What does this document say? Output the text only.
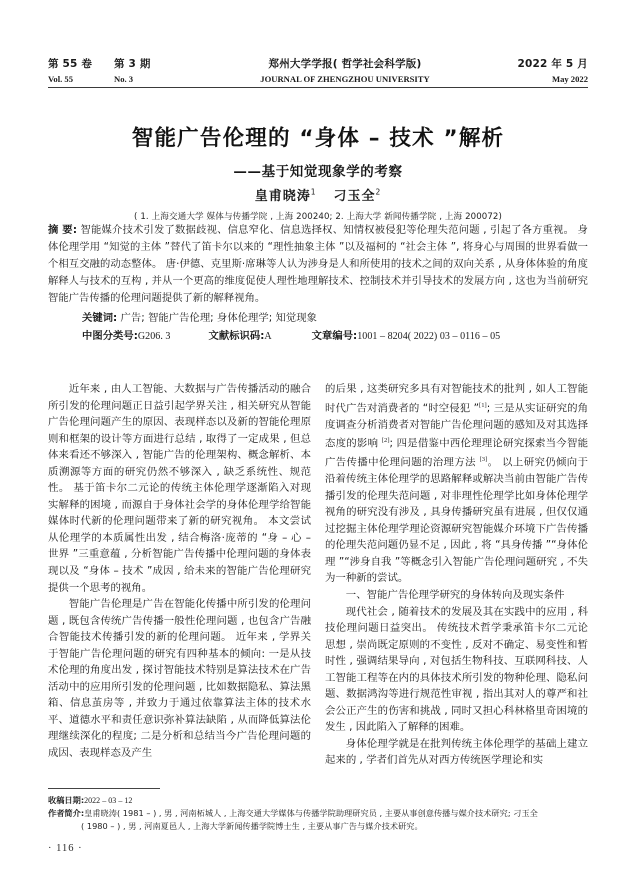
第 55 卷	第 3 期	郑州大学学报( 哲学社会科学版)	2022 年 5 月
Vol. 55	No. 3	JOURNAL OF ZHENGZHOU UNIVERSITY	May 2022
智能广告伦理的 “身体 – 技术 ”解析
——基于知觉现象学的考察
皇甫晓涛$^1$ 刁玉全$^2$
( 1. 上海交通大学 媒体与传播学院 , 上海 200240; 2. 上海大学 新闻传播学院 , 上海 200072)
摘 要: 智能媒介技术引发了数据歧视、信息窄化、信息选择权、知情权被侵犯等伦理失范问题 , 引起了各方重视。 身体伦理学用 “知觉的主体 ”替代了笛卡尔以来的 “理性抽象主体 ”以及福柯的 “社会主体 ”, 将身心与周围的世界看做一个相互交融的动态整体。 唐·伊德、克里斯·席琳等人认为涉身是人和所使用的技术之间的双向关系 , 从身体体验的角度解释人与技术的互构 , 并从一个更高的维度促使人理性地理解技术、控制技术并引导技术的发展方向 , 这也为当前研究智能广告传播的伦理问题提供了新的解释视角。
关键词: 广告; 智能广告伦理; 身体伦理学; 知觉现象
中图分类号:G206. 3	文献标识码:A	文章编号:1001 – 8204( 2022) 03 – 0116 – 05

近年来 , 由人工智能、大数据与广告传播活动的融合所引发的伦理问题正日益引起学界关注 , 相关研究从智能广告伦理问题产生的原因、表现样态以及新的智能伦理原则和框架的设计等方面进行总结 , 取得了一定成果 , 但总体来看还不够深入 , 智能广告的伦理架构、概念解析、本质溯源等方面的研究仍然不够深入 , 缺乏系统性、规范性。 基于笛卡尔二元论的传统主体伦理学逐渐陷入对现实解释的困境 , 而源自于身体社会学的身体伦理学给智能媒体时代新的伦理问题带来了新的研究视角。 本文尝试从伦理学的本质属性出发 , 结合梅洛·庞蒂的 “身 – 心 – 世界 ”三重意蕴 , 分析智能广告传播中伦理问题的身体表现以及 “身体 – 技术 ”成因 , 给未来的智能广告伦理研究提供一个思考的视角。

智能广告伦理是广告在智能化传播中所引发的伦理问题 , 既包含传统广告传播一般性伦理问题 , 也包含广告融合智能技术传播引发的新的伦理问题。 近年来 , 学界关于智能广告伦理问题的研究有四种基本的倾向: 一是从技术伦理的角度出发 , 探讨智能技术特别是算法技术在广告活动中的应用所引发的伦理问题 , 比如数据隐私、算法黑箱、信息茧房等 , 并致力于通过依靠算法主体的技术水平、道德水平和责任意识弥补算法缺陷 , 从而降低算法伦理继续深化的程度; 二是分析和总结当今广告伦理问题的成因、表现样态及产生

的后果 , 这类研究多具有对智能技术的批判 , 如人工智能时代广告对消费者的 “时空侵犯 ”[1]; 三是从实证研究的角度调查分析消费者对智能广告伦理问题的感知及对其选择态度的影响 [2]; 四是借鉴中西伦理理论研究探索当今智能广告传播中伦理问题的治理方法 [3]。 以上研究仍倾向于沿着传统主体伦理学的思路解释或解决当前由智能广告传播引发的伦理失范问题 , 对非理性伦理学比如身体伦理学视角的研究没有涉及 , 具身传播研究虽有进展 , 但仅仅通过挖掘主体伦理学理论资源研究智能媒介环境下广告传播的伦理失范问题仍显不足 , 因此 , 将 “具身传播 ”“身体伦理 ”“涉身自我 ”等概念引入智能广告伦理问题研究 , 不失为一种新的尝试。

一、智能广告伦理学研究的身体转向及现实条件

现代社会 , 随着技术的发展及其在实践中的应用 , 科技伦理问题日益突出。 传统技术哲学秉承笛卡尔二元论思想 , 崇尚既定原则的不变性 , 反对不确定、易变性和暂时性 , 强调结果导向 , 对包括生物科技、互联网科技、人工智能工程等在内的具体技术所引发的物种伦理、隐私问题、数据鸿沟等进行规范性审视 , 指出其对人的尊严和社会公正产生的伤害和挑战 , 同时又担心科林格里奇困境的发生 , 因此陷入了解释的困难。

身体伦理学就是在批判传统主体伦理学的基础上建立起来的 , 学者们首先从对西方传统医学理论和实

收稿日期:2022 – 03 – 12
作者简介:皇甫晓涛( 1981 – ) , 男 , 河南柘城人 , 上海交通大学媒体与传播学院助理研究员 , 主要从事创意传播与媒介技术研究; 刁玉全
( 1980 – ) , 男 , 河南夏邑人 , 上海大学新闻传播学院博士生 , 主要从事广告与媒介技术研究。
· 116 ·
